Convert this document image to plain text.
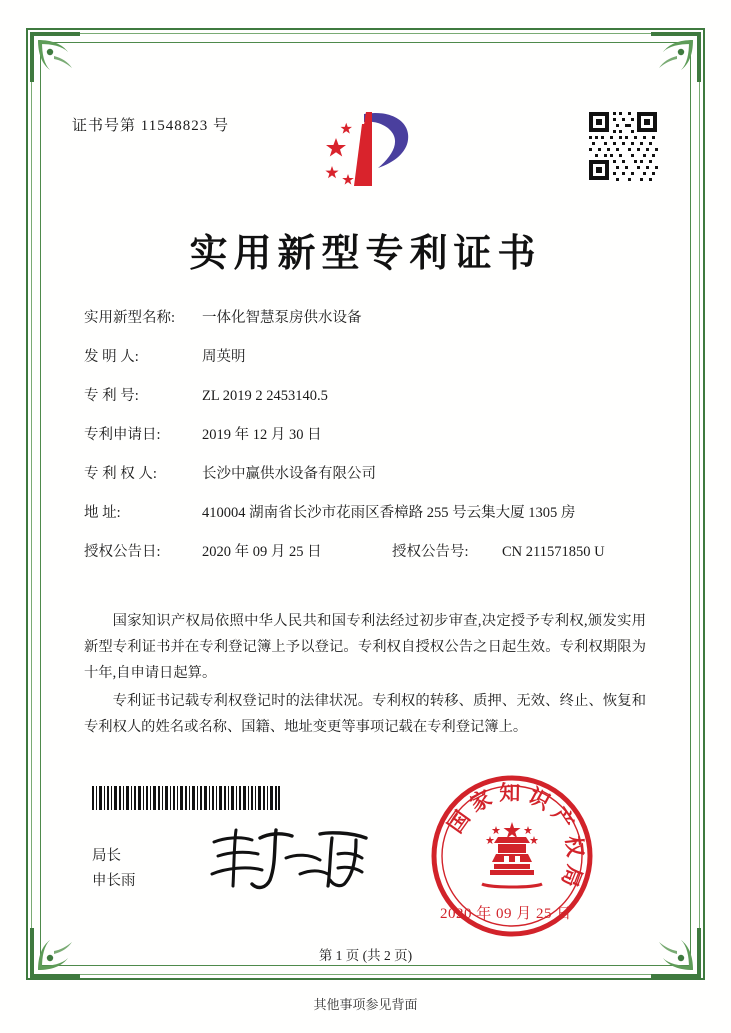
证书号第 11548823 号
实用新型专利证书
实用新型名称:	一体化智慧泵房供水设备
发 明 人:	周英明
专 利 号:	ZL 2019 2 2453140.5
专利申请日:	2019 年 12 月 30 日
专 利 权 人:	长沙中赢供水设备有限公司
地 址:	410004 湖南省长沙市花雨区香樟路 255 号云集大厦 1305 房
授权公告日:	2020 年 09 月 25 日	授权公告号:	CN 211571850 U

国家知识产权局依照中华人民共和国专利法经过初步审查,决定授予专利权,颁发实用新型专利证书并在专利登记簿上予以登记。专利权自授权公告之日起生效。专利权期限为十年,自申请日起算。

专利证书记载专利权登记时的法律状况。专利权的转移、质押、无效、终止、恢复和专利权人的姓名或名称、国籍、地址变更等事项记载在专利登记簿上。

局长
申长雨
国家知识产权局
2020 年 09 月 25 日
第 1 页 (共 2 页)
其他事项参见背面
